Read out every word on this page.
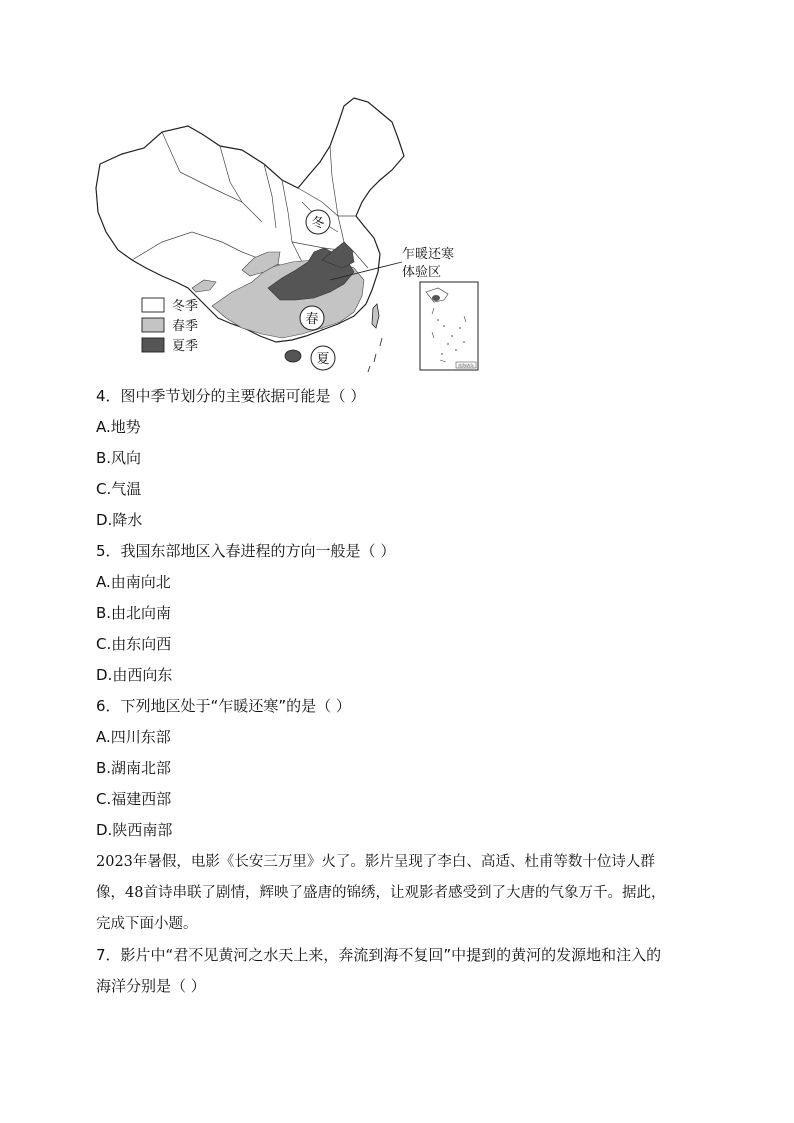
冬
春
夏
乍暖还寒
体验区
冬季
春季
夏季
南海诸岛
4．图中季节划分的主要依据可能是（ ）
A.地势
B.风向
C.气温
D.降水
5．我国东部地区入春进程的方向一般是（ ）
A.由南向北
B.由北向南
C.由东向西
D.由西向东
6．下列地区处于“乍暖还寒”的是（ ）
A.四川东部
B.湖南北部
C.福建西部
D.陕西南部
2023年暑假，电影《长安三万里》火了。影片呈现了李白、高适、杜甫等数十位诗人群
像，48首诗串联了剧情，辉映了盛唐的锦绣，让观影者感受到了大唐的气象万千。据此，
完成下面小题。
7．影片中“君不见黄河之水天上来，奔流到海不复回”中提到的黄河的发源地和注入的
海洋分别是（ ）
